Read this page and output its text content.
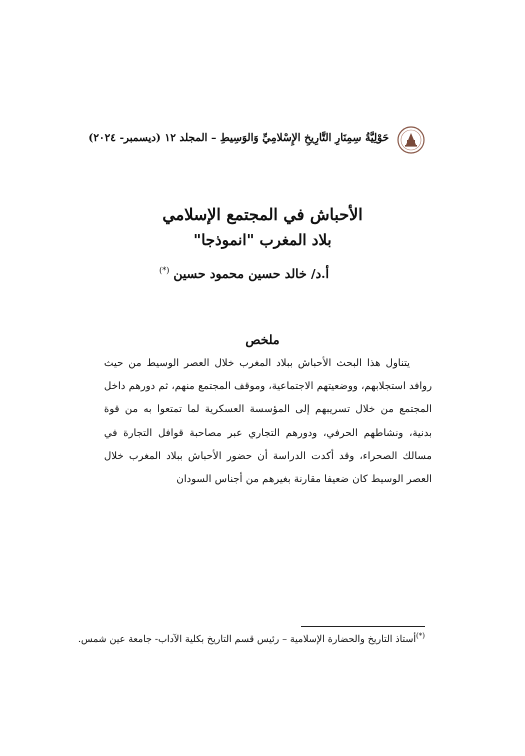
حَوْلِيَّةُ سِمِنَارِ التَّارِيخِ الإِسْلامِيِّ وَالوَسِيطِ – المجلد ١٢ (ديسمبر- ٢٠٢٤)
الأحباش في المجتمع الإسلامي
بلاد المغرب "انموذجا"
أ.د/ خالد حسين محمود حسين(*)
ملخص

يتناول هذا البحث الأحباش ببلاد المغرب خلال العصر الوسيط من حيث روافد استجلابهم، ووضعيتهم الاجتماعية، وموقف المجتمع منهم، ثم دورهم داخل المجتمع من خلال تسريبهم إلى المؤسسة العسكرية لما تمتعوا به من قوة بدنية، ونشاطهم الحرفي، ودورهم التجاري عبر مصاحبة قوافل التجارة في مسالك الصحراء، وقد أكدت الدراسة أن حضور الأحباش ببلاد المغرب خلال العصر الوسيط كان ضعيفا مقارنة بغيرهم من أجناس السودان

(*)أستاذ التاريخ والحضارة الإسلامية – رئيس قسم التاريخ بكلية الآداب- جامعة عين شمس.
